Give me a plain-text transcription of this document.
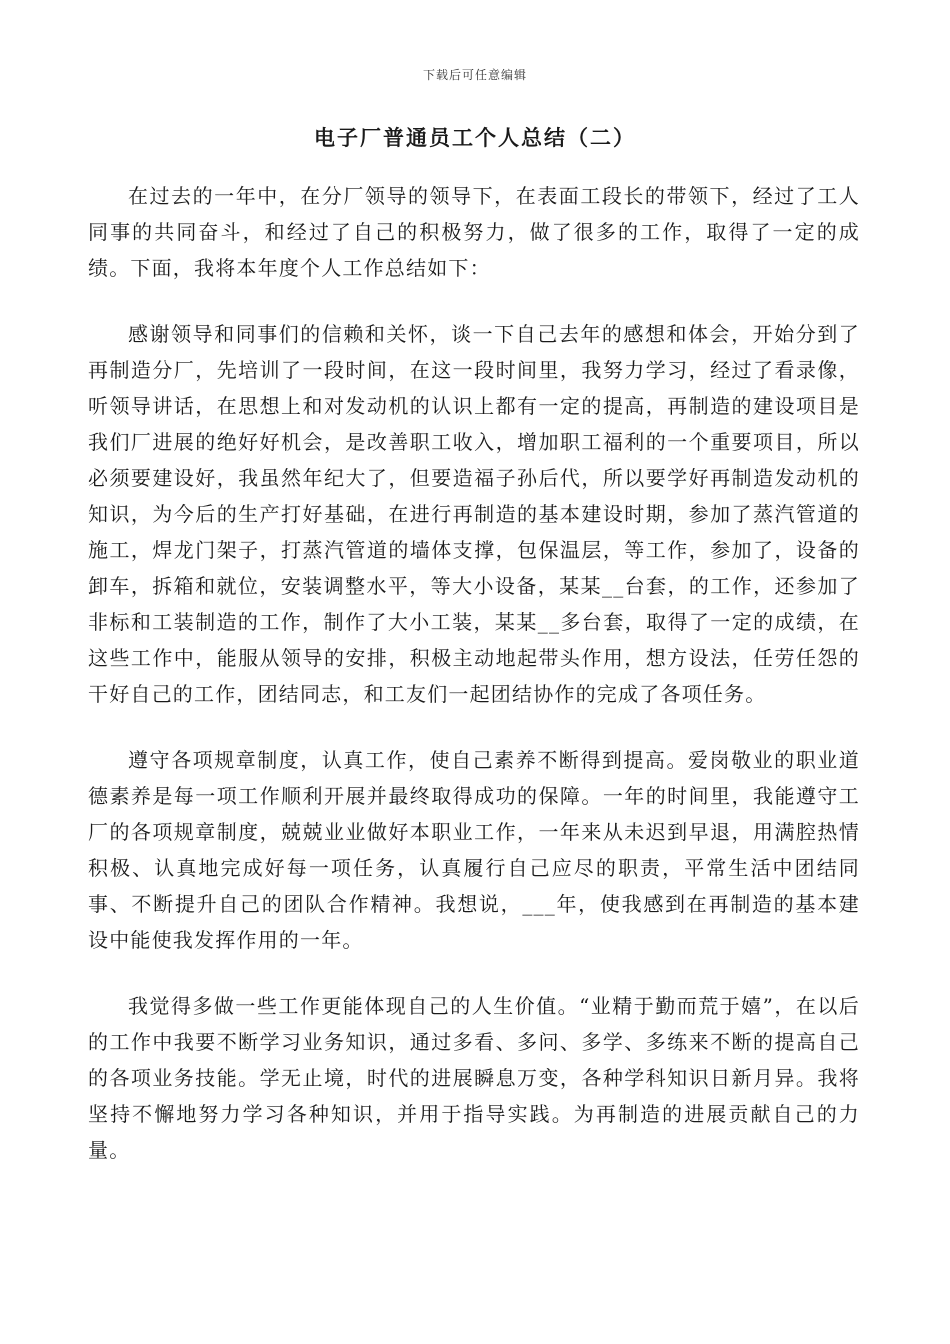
下载后可任意编辑
电子厂普通员工个人总结（二）

在过去的一年中，在分厂领导的领导下，在表面工段长的带领下，经过了工人同事的共同奋斗，和经过了自己的积极努力，做了很多的工作，取得了一定的成绩。下面，我将本年度个人工作总结如下：

感谢领导和同事们的信赖和关怀，谈一下自己去年的感想和体会，开始分到了再制造分厂，先培训了一段时间，在这一段时间里，我努力学习，经过了看录像，听领导讲话，在思想上和对发动机的认识上都有一定的提高，再制造的建设项目是我们厂进展的绝好好机会，是改善职工收入，增加职工福利的一个重要项目，所以必须要建设好，我虽然年纪大了，但要造福子孙后代，所以要学好再制造发动机的知识，为今后的生产打好基础，在进行再制造的基本建设时期，参加了蒸汽管道的施工，焊龙门架子，打蒸汽管道的墙体支撑，包保温层，等工作，参加了，设备的卸车，拆箱和就位，安装调整水平，等大小设备，某某__台套，的工作，还参加了非标和工装制造的工作，制作了大小工装，某某__多台套，取得了一定的成绩，在这些工作中，能服从领导的安排，积极主动地起带头作用，想方设法，任劳任怨的干好自己的工作，团结同志，和工友们一起团结协作的完成了各项任务。

遵守各项规章制度，认真工作，使自己素养不断得到提高。爱岗敬业的职业道德素养是每一项工作顺利开展并最终取得成功的保障。一年的时间里，我能遵守工厂的各项规章制度，兢兢业业做好本职业工作，一年来从未迟到早退，用满腔热情积极、认真地完成好每一项任务，认真履行自己应尽的职责，平常生活中团结同事、不断提升自己的团队合作精神。我想说，___年，使我感到在再制造的基本建设中能使我发挥作用的一年。

我觉得多做一些工作更能体现自己的人生价值。“业精于勤而荒于嬉”，在以后的工作中我要不断学习业务知识，通过多看、多问、多学、多练来不断的提高自己的各项业务技能。学无止境，时代的进展瞬息万变，各种学科知识日新月异。我将坚持不懈地努力学习各种知识，并用于指导实践。为再制造的进展贡献自己的力量。
